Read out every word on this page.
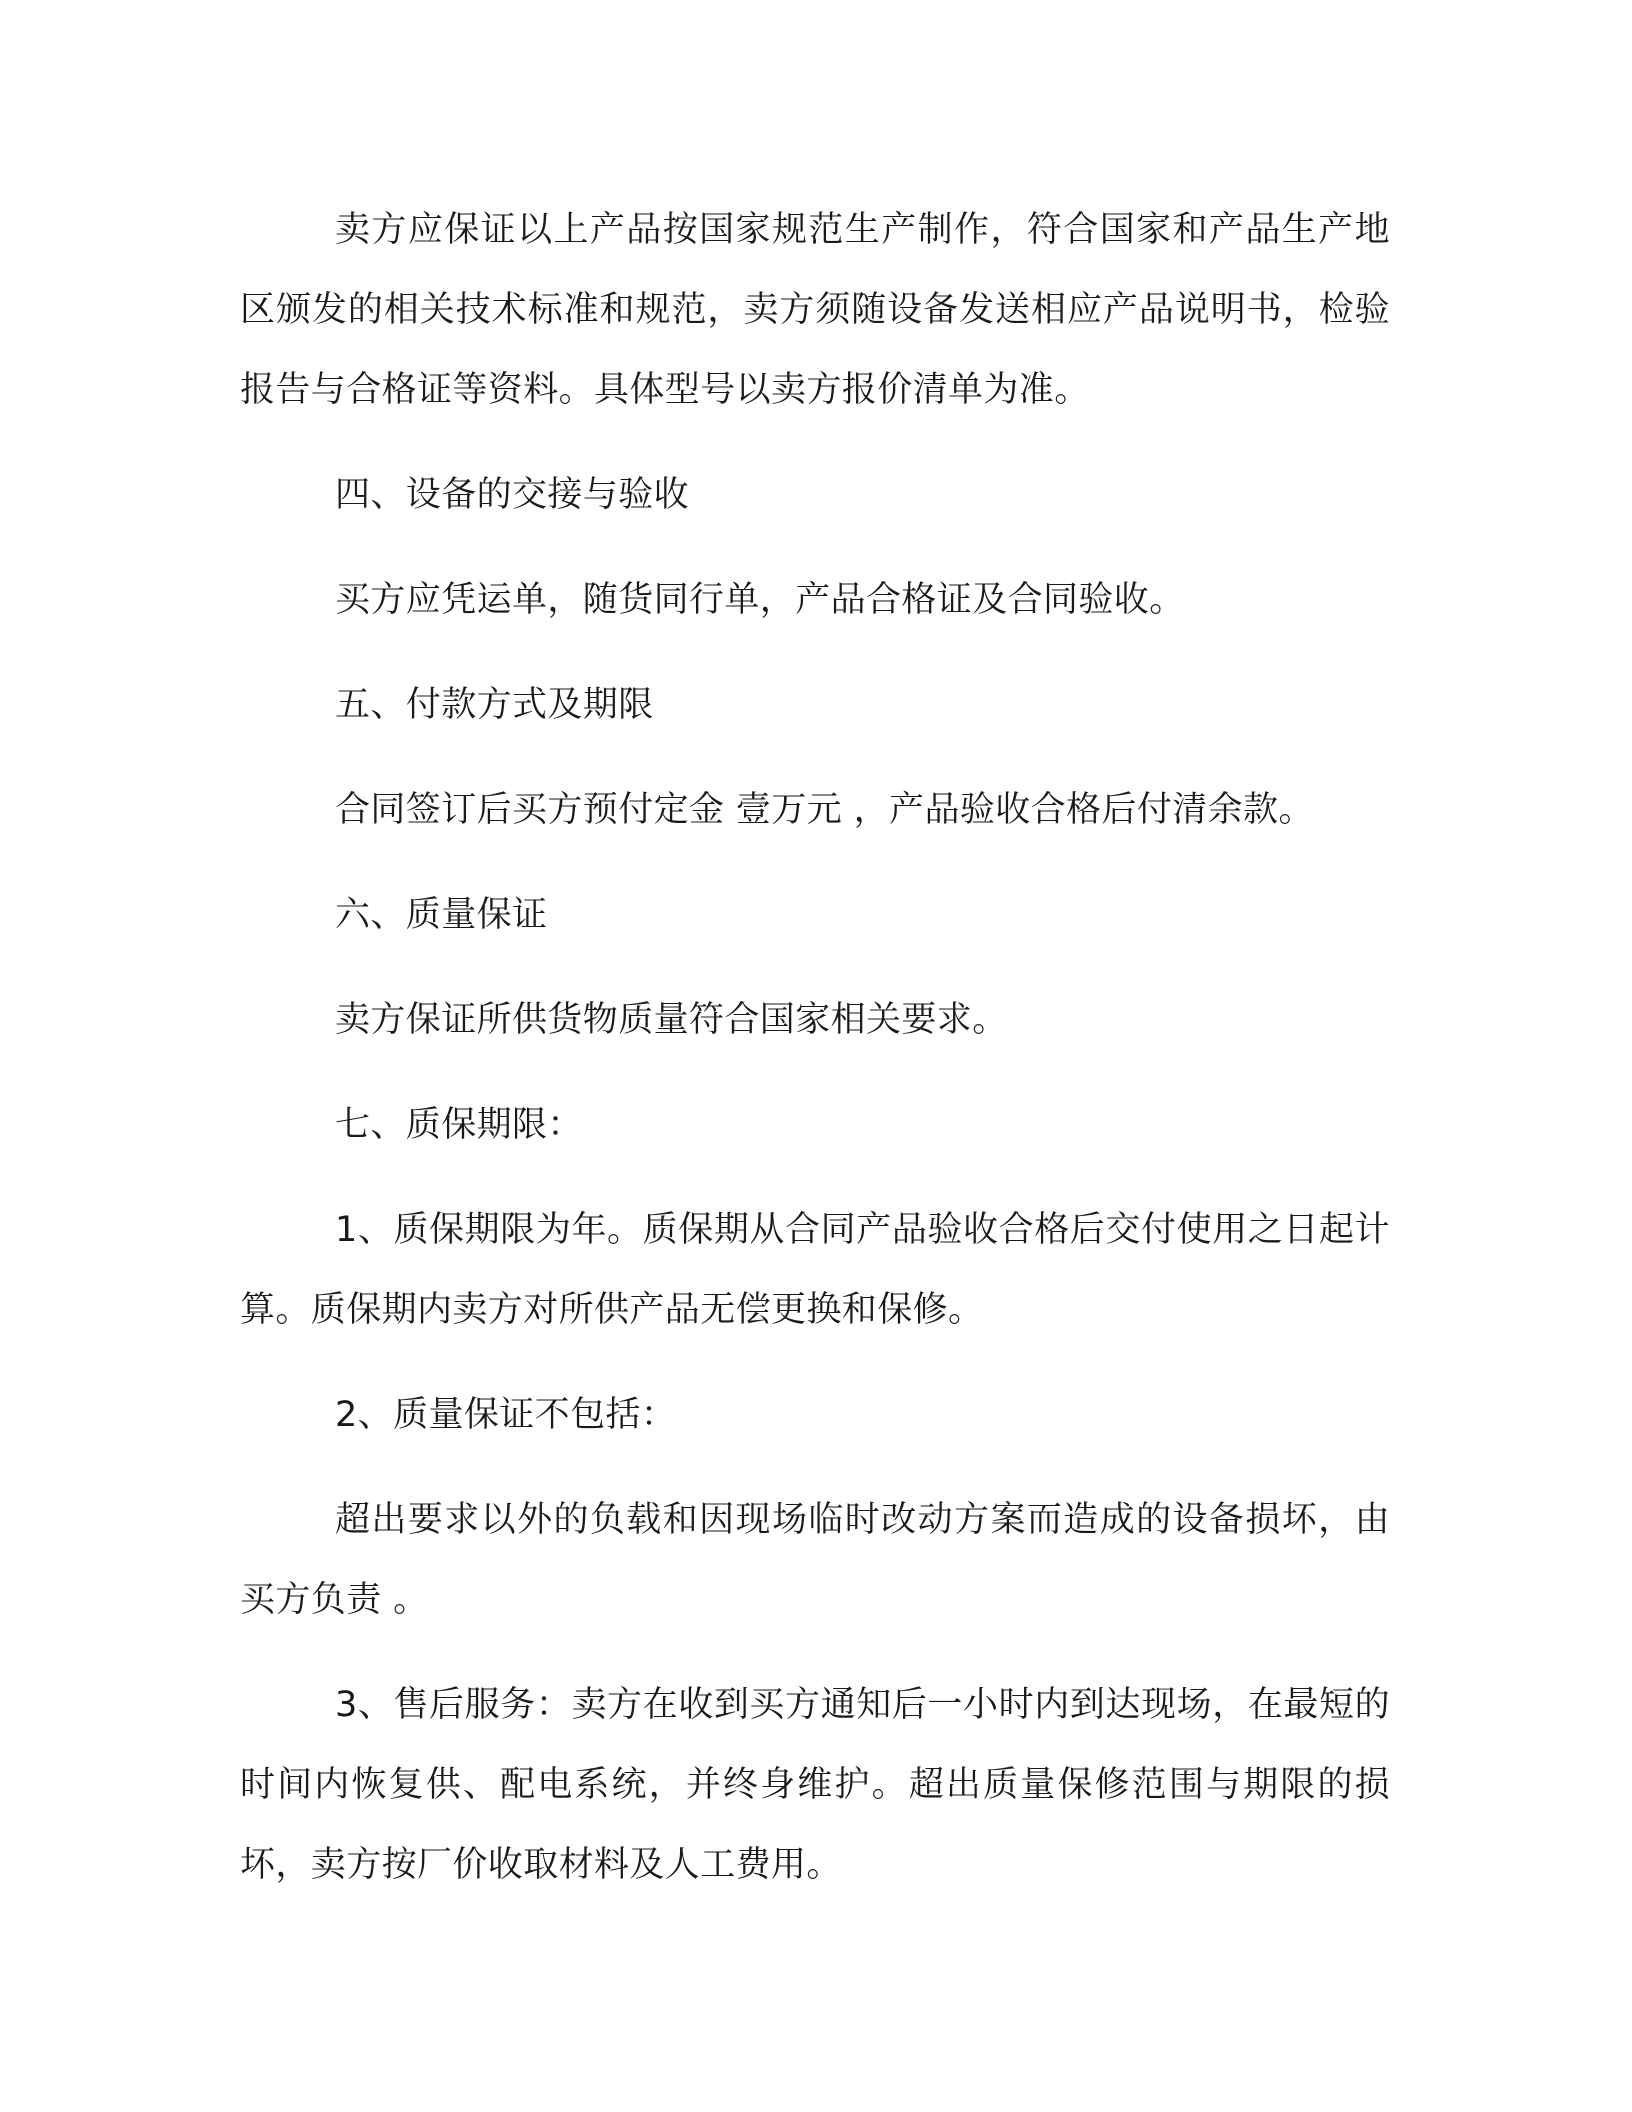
卖方应保证以上产品按国家规范生产制作，符合国家和产品生产地区颁发的相关技术标准和规范，卖方须随设备发送相应产品说明书，检验报告与合格证等资料。具体型号以卖方报价清单为准。

四、设备的交接与验收

买方应凭运单，随货同行单，产品合格证及合同验收。

五、付款方式及期限

合同签订后买方预付定金 壹万元 ，产品验收合格后付清余款。

六、质量保证

卖方保证所供货物质量符合国家相关要求。

七、质保期限：

1、质保期限为年。质保期从合同产品验收合格后交付使用之日起计算。质保期内卖方对所供产品无偿更换和保修。

2、质量保证不包括：

超出要求以外的负载和因现场临时改动方案而造成的设备损坏，由买方负责 。

3、售后服务：卖方在收到买方通知后一小时内到达现场，在最短的时间内恢复供、配电系统，并终身维护。超出质量保修范围与期限的损坏，卖方按厂价收取材料及人工费用。
